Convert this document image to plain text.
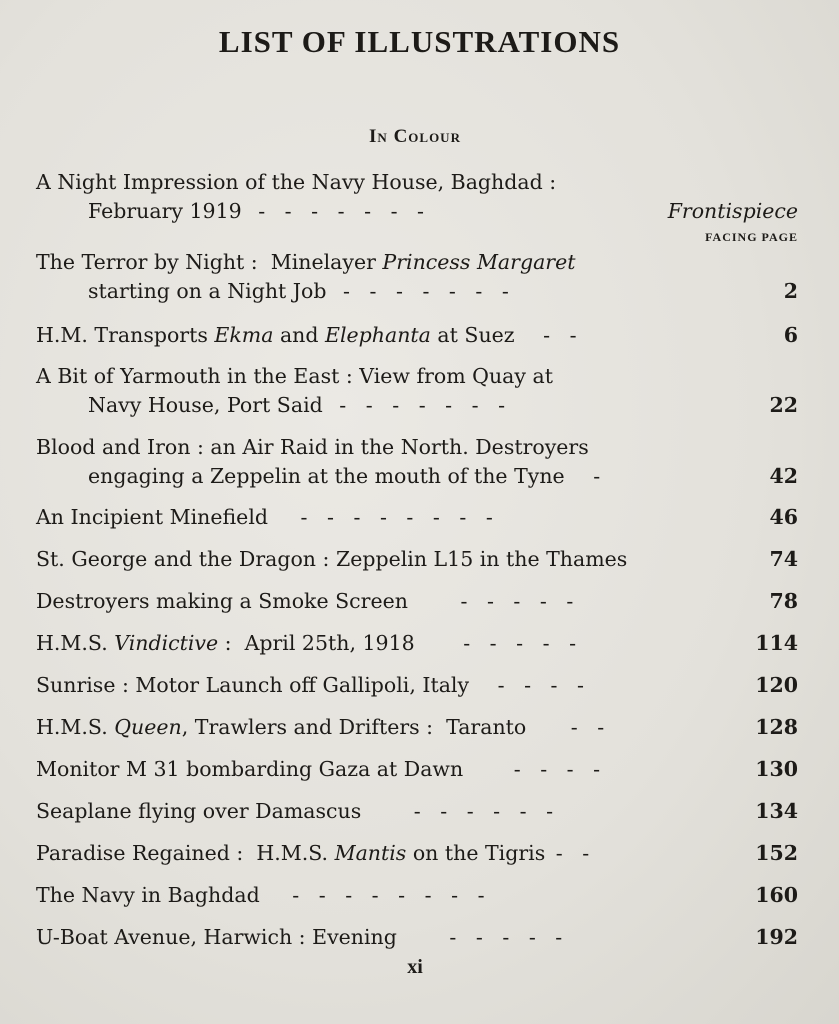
LIST OF ILLUSTRATIONS
In Colour
A Night Impression of the Navy House, Baghdad :
February 1919 -   -   -   -   -   -   -	Frontispiece
FACING PAGE
The Terror by Night :  Minelayer Princess Margaret
starting on a Night Job -   -   -   -   -   -   -	2
H.M. Transports Ekma and Elephanta at Suez -   -	6
A Bit of Yarmouth in the East : View from Quay at
Navy House, Port Said -   -   -   -   -   -   -	22
Blood and Iron : an Air Raid in the North. Destroyers
engaging a Zeppelin at the mouth of the Tyne -	42
An Incipient Minefield -   -   -   -   -   -   -   -	46
St. George and the Dragon : Zeppelin L15 in the Thames	74
Destroyers making a Smoke Screen	-   -   -   -   -	78
H.M.S. Vindictive :  April 25th, 1918 -   -   -   -   -	114
Sunrise : Motor Launch off Gallipoli, Italy -   -   -   -	120
H.M.S. Queen, Trawlers and Drifters :  Taranto -   -	128
Monitor M 31 bombarding Gaza at Dawn -   -   -   -	130
Seaplane flying over Damascus	-   -   -   -   -   -	134
Paradise Regained :  H.M.S. Mantis on the Tigris -   -	152
The Navy in Baghdad -   -   -   -   -   -   -   -	160
U-Boat Avenue, Harwich : Evening	-   -   -   -   -	192
xi
